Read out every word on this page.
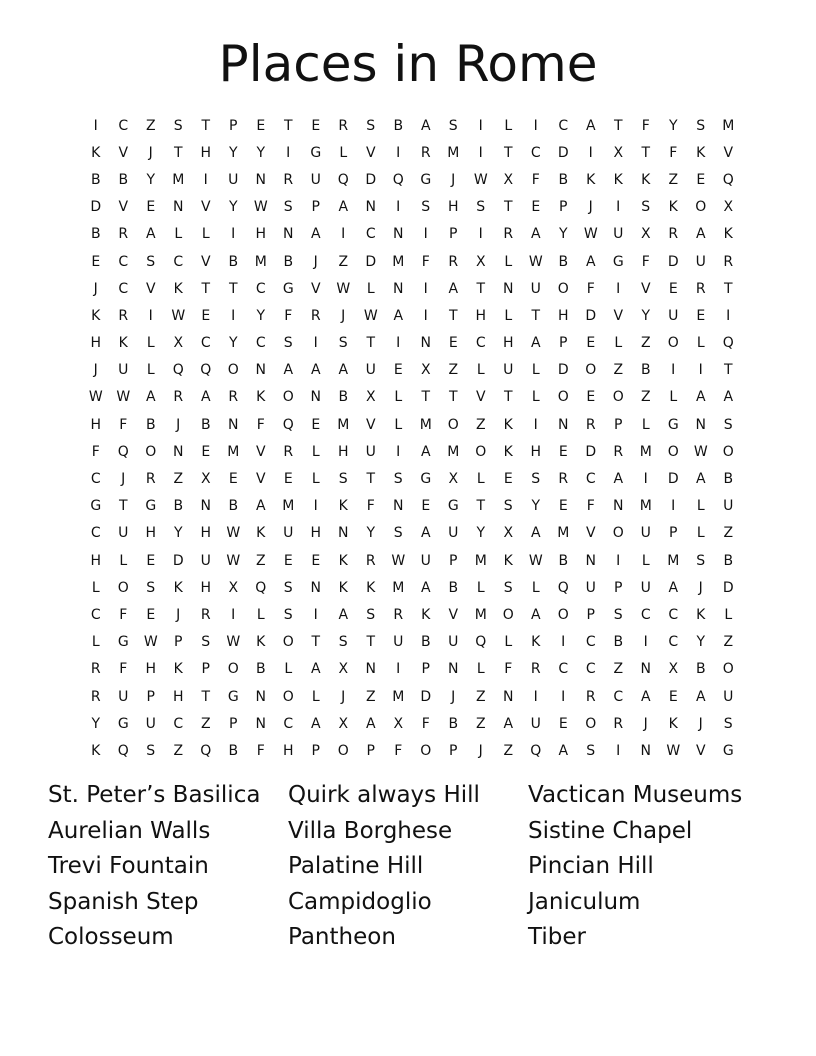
Places in Rome
I	C	Z	S	T	P	E	T	E	R	S	B	A	S	I	L	I	C	A	T	F	Y	S	M
K	V	J	T	H	Y	Y	I	G	L	V	I	R	M	I	T	C	D	I	X	T	F	K	V
B	B	Y	M	I	U	N	R	U	Q	D	Q	G	J	W	X	F	B	K	K	K	Z	E	Q
D	V	E	N	V	Y	W	S	P	A	N	I	S	H	S	T	E	P	J	I	S	K	O	X
B	R	A	L	L	I	H	N	A	I	C	N	I	P	I	R	A	Y	W	U	X	R	A	K
E	C	S	C	V	B	M	B	J	Z	D	M	F	R	X	L	W	B	A	G	F	D	U	R
J	C	V	K	T	T	C	G	V	W	L	N	I	A	T	N	U	O	F	I	V	E	R	T
K	R	I	W	E	I	Y	F	R	J	W	A	I	T	H	L	T	H	D	V	Y	U	E	I
H	K	L	X	C	Y	C	S	I	S	T	I	N	E	C	H	A	P	E	L	Z	O	L	Q
J	U	L	Q	Q	O	N	A	A	A	U	E	X	Z	L	U	L	D	O	Z	B	I	I	T
W W	A	R	A	R	K	O	N	B	X	L	T	T	V	T	L	O	E	O	Z	L	A	A
H	F	B	J	B	N	F	Q	E	M	V	L	M	O	Z	K	I	N	R	P	L	G	N	S
F	Q	O	N	E	M	V	R	L	H	U	I	A	M	O	K	H	E	D	R	M	O	W	O
C	J	R	Z	X	E	V	E	L	S	T	S	G	X	L	E	S	R	C	A	I	D	A	B
G	T	G	B	N	B	A	M	I	K	F	N	E	G	T	S	Y	E	F	N	M	I	L	U
C	U	H	Y	H	W	K	U	H	N	Y	S	A	U	Y	X	A	M	V	O	U	P	L	Z
H	L	E	D	U	W	Z	E	E	K	R	W	U	P	M	K	W	B	N	I	L	M	S	B
L	O	S	K	H	X	Q	S	N	K	K	M	A	B	L	S	L	Q	U	P	U	A	J	D
C	F	E	J	R	I	L	S	I	A	S	R	K	V	M	O	A	O	P	S	C	C	K	L
L	G	W	P	S	W	K	O	T	S	T	U	B	U	Q	L	K	I	C	B	I	C	Y	Z
R	F	H	K	P	O	B	L	A	X	N	I	P	N	L	F	R	C	C	Z	N	X	B	O
R	U	P	H	T	G	N	O	L	J	Z	M	D	J	Z	N	I	I	R	C	A	E	A	U
Y	G	U	C	Z	P	N	C	A	X	A	X	F	B	Z	A	U	E	O	R	J	K	J	S
K	Q	S	Z	Q	B	F	H	P	O	P	F	O	P	J	Z	Q	A	S	I	N	W	V	G
St. Peter’s Basilica	Quirk always Hill	Vactican Museums
Aurelian Walls	Villa Borghese	Sistine Chapel
Trevi Fountain	Palatine Hill	Pincian Hill
Spanish Step	Campidoglio	Janiculum
Colosseum	Pantheon	Tiber
